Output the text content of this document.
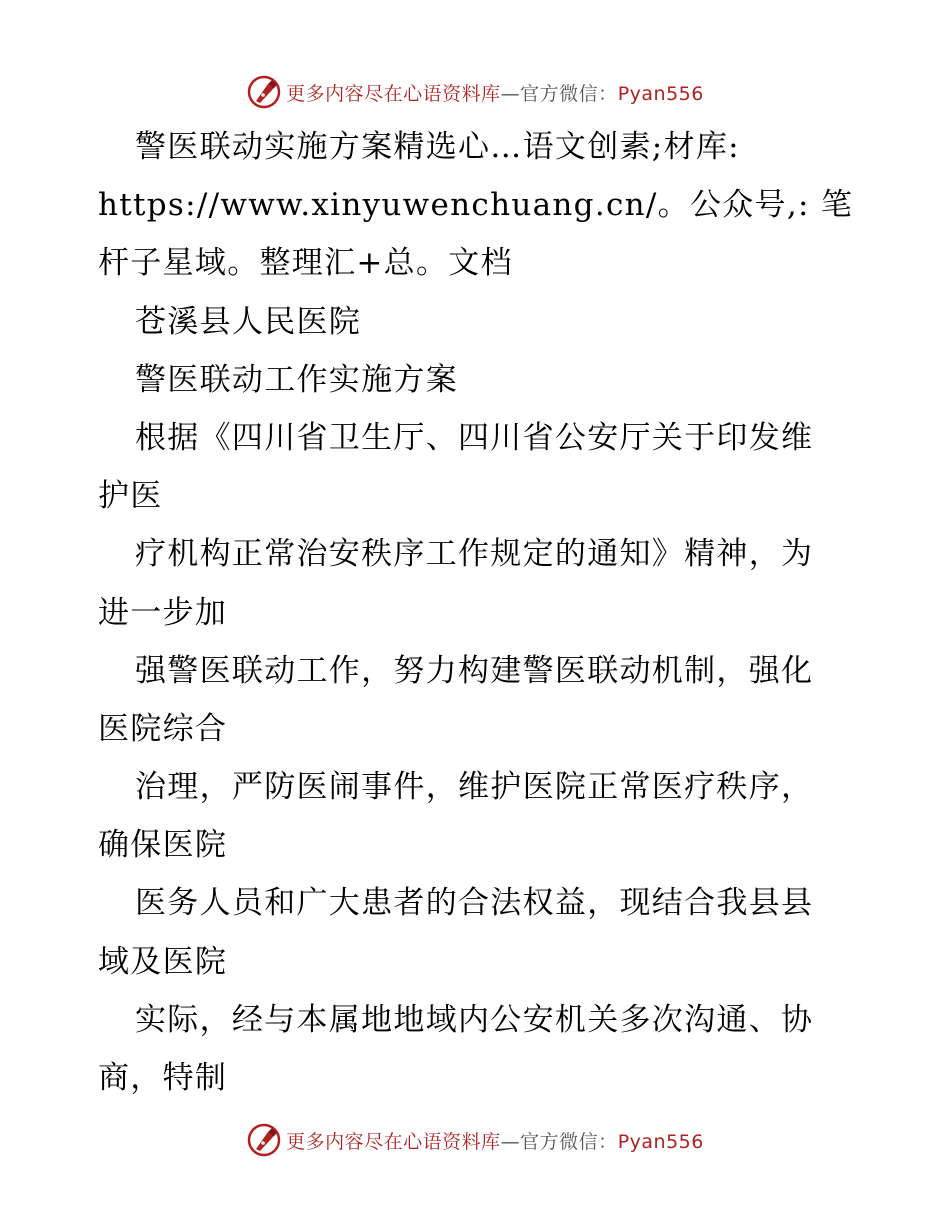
更多内容尽在心语资料库—官方微信：Pyan556
警医联动实施方案精选心…语文创素;材库:
https://www.xinyuwenchuang.cn/。公众号,: 笔
杆子星域。整理汇+总。文档
苍溪县人民医院
警医联动工作实施方案
根据《四川省卫生厅、四川省公安厅关于印发维
护医
疗机构正常治安秩序工作规定的通知》精神，为
进一步加
强警医联动工作，努力构建警医联动机制，强化
医院综合
治理，严防医闹事件，维护医院正常医疗秩序，
确保医院
医务人员和广大患者的合法权益，现结合我县县
域及医院
实际，经与本属地地域内公安机关多次沟通、协
商，特制
更多内容尽在心语资料库—官方微信：Pyan556
